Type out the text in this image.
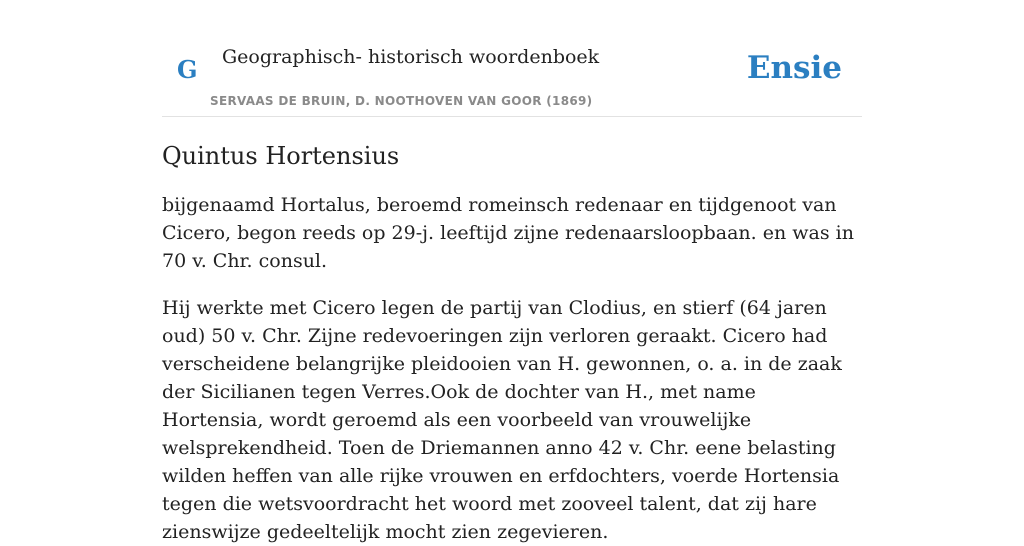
G Geographisch- historisch woordenboek
SERVAAS DE BRUIN, D. NOOTHOVEN VAN GOOR (1869)
Ensie
Quintus Hortensius

bijgenaamd Hortalus, beroemd romeinsch redenaar en tijdgenoot van Cicero, begon reeds op 29-j. leeftijd zijne redenaarsloopbaan. en was in 70 v. Chr. consul.

Hij werkte met Cicero legen de partij van Clodius, en stierf (64 jaren oud) 50 v. Chr. Zijne redevoeringen zijn verloren geraakt. Cicero had verscheidene belangrijke pleidooien van H. gewonnen, o. a. in de zaak der Sicilianen tegen Verres.Ook de dochter van H., met name Hortensia, wordt geroemd als een voorbeeld van vrouwelijke welsprekendheid. Toen de Driemannen anno 42 v. Chr. eene belasting wilden heffen van alle rijke vrouwen en erfdochters, voerde Hortensia tegen die wetsvoordracht het woord met zooveel talent, dat zij hare zienswijze gedeeltelijk mocht zien zegevieren.
